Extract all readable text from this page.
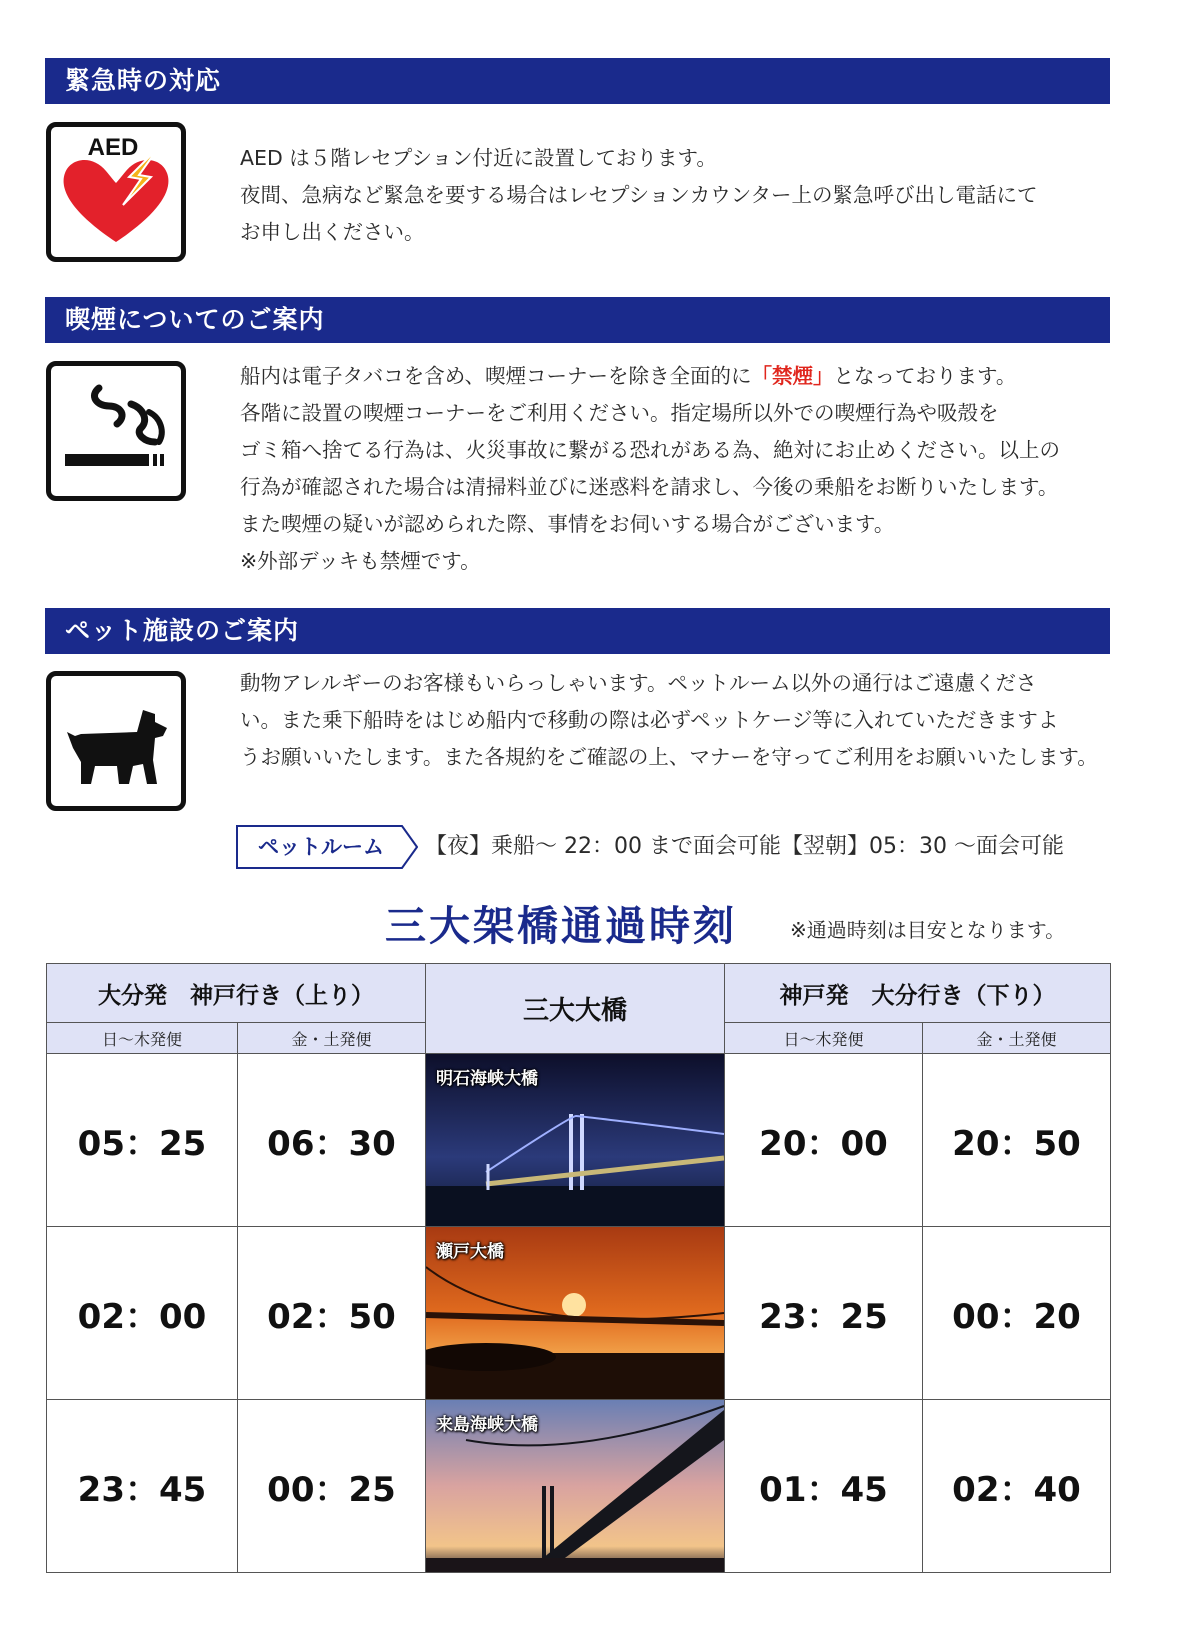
緊急時の対応
AED	AED は５階レセプション付近に設置しております。

夜間、急病など緊急を要する場合はレセプションカウンター上の緊急呼び出し電話にて

お申し出ください。

喫煙についてのご案内

船内は電子タバコを含め、喫煙コーナーを除き全面的に「禁煙」となっております。

各階に設置の喫煙コーナーをご利用ください。指定場所以外での喫煙行為や吸殻を

ゴミ箱へ捨てる行為は、火災事故に繋がる恐れがある為、絶対にお止めください。以上の

行為が確認された場合は清掃料並びに迷惑料を請求し、今後の乗船をお断りいたします。

また喫煙の疑いが認められた際、事情をお伺いする場合がございます。

※外部デッキも禁煙です。

ペット施設のご案内

動物アレルギーのお客様もいらっしゃいます。ペットルーム以外の通行はご遠慮くださ

い。また乗下船時をはじめ船内で移動の際は必ずペットケージ等に入れていただきますよ

うお願いいたします。また各規約をご確認の上、マナーを守ってご利用をお願いいたします。

ペットルーム	【夜】乗船～ 22：00 まで面会可能【翌朝】05：30 ～面会可能
三大架橋通過時刻	※通過時刻は目安となります。
大分発　神戸行き（上り）		三大大橋	神戸発　大分行き（下り）	
日～木発便	金・土発便		日～木発便	金・土発便
05：25	06：30	明石海峡大橋	20：00	20：50
02：00	02：50	瀬戸大橋	23：25	00：20
23：45	00：25	来島海峡大橋	01：45	02：40
